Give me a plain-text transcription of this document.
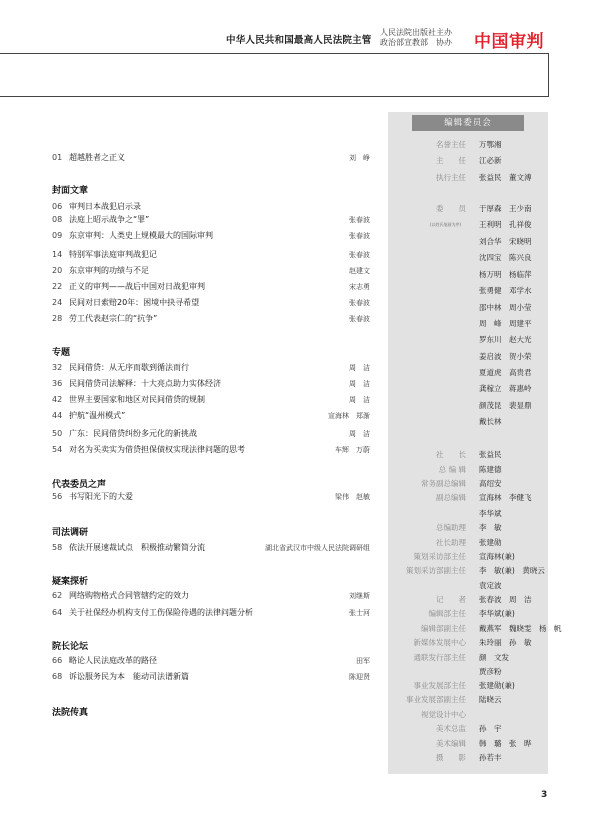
中华人民共和国最高人民法院主管
人民法院出版社主办
政治部宣教部　协办 中国审判
编辑委员会
(以姓氏笔画为序)
01 超越胜者之正义	刘　峥
封面文章
06 审判日本战犯启示录
08 法庭上昭示战争之“罪”	张春波
09 东京审判：人类史上规模最大的国际审判	张春波
14 特别军事法庭审判战犯记	张春波
20 东京审判的功绩与不足	赵建文
22 正义的审判——战后中国对日战犯审判	宋志勇
24 民间对日索赔20年：困境中抉寻希望	张春波
28 劳工代表赵宗仁的“抗争”	张春波
专题
32 民间借贷：从无序而歇到循法而行	周　洁
36 民间借贷司法解释：十大亮点助力实体经济	周　洁
42 世界主要国家和地区对民间借贷的规制	周　洁
44 护航“温州模式”	宣海林　郑渐
50 广东：民间借贷纠纷多元化的新挑战	周　洁
54 对名为买卖实为借贷担保债权实现法律问题的思考	车辉　万蔚
代表委员之声
56 书写阳光下的大爱	梁伟　赵敏
司法调研
58 依法开展速裁试点　积极推动繁简分流	湖北省武汉市中级人民法院调研组
疑案探析
62 网络购物格式合同管辖约定的效力	刘继斯
64 关于社保经办机构支付工伤保险待遇的法律问题分析	张士河
院长论坛
66 略论人民法庭改革的路径	田军
68 诉讼服务民为本　能动司法谱新篇	陈迎贤
法院传真
名誉主任 万鄂湘
主　　任 江必新
执行主任 张益民　董文溥
委　　员 于厚森　王少南
王利明　孔祥俊
刘合华　宋晓明
沈四宝　陈兴良
杨万明　杨临萍
张勇健　邓学水
邵中林　周小莹
周　峰　周建平
罗东川　赵大光
姜启波　贺小荣
夏道虎　高贵君
龚稼立　蒋惠岭
颜茂昆　裴显鼎
戴长林
社　　长 张益民
总 编 辑 陈建德
常务副总编辑 高绍安
副总编辑 宣海林　李健飞
李华斌
总编助理 李　敏
社长助理 张建勋
策划采访部主任 宣海林(兼)
策划采访部副主任 李　敏(兼)　黄晓云
袁定波
记　　者 张春波　周　洁
编辑部主任 李华斌(兼)
编辑部副主任 戴燕军　魏晓雯　杨　帆
新媒体发展中心 朱玲丽　孙　敏
通联发行部主任 颜　文发
贾彦粉
事业发展部主任 张建勋(兼)
事业发展部副主任 陆晓云
视觉设计中心
美术总监 孙　宇
美术编辑 韩　璐　张　晔
摄　　影 孙若丰
3
